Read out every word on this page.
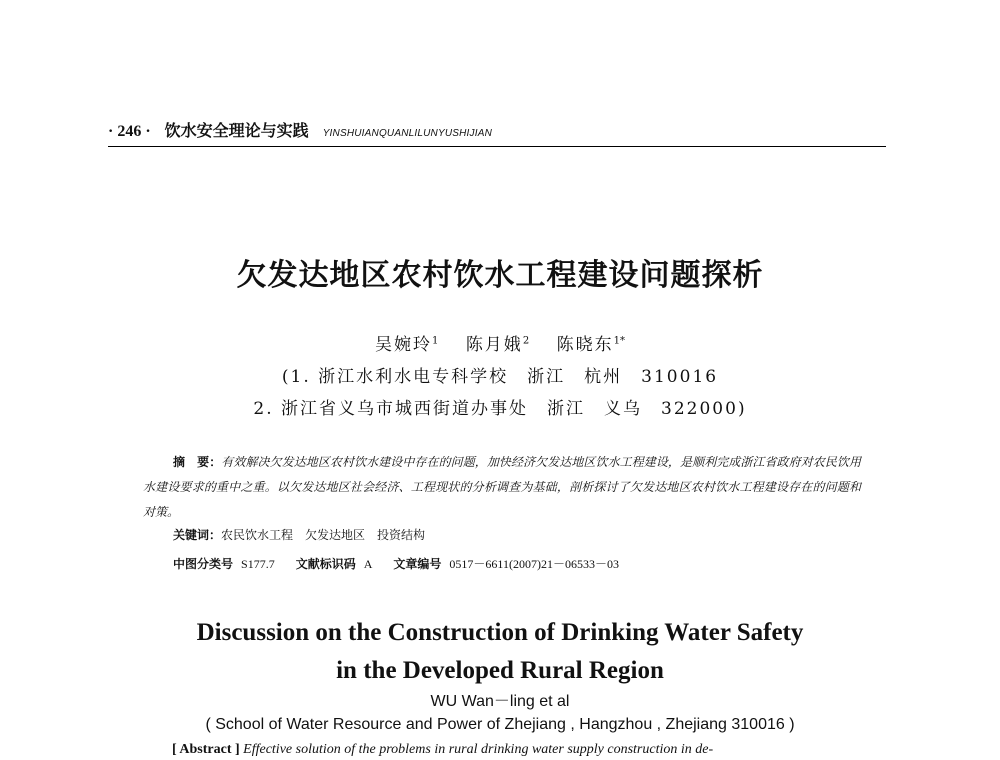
· 246 · 饮水安全理论与实践 YINSHUIANQUANLILUNYUSHIJIAN
欠发达地区农村饮水工程建设问题探析
吴婉玲$^1$ 陈月娥$^2$ 陈晓东$^{1*}$
(1. 浙江水利水电专科学校　浙江　杭州　310016
2. 浙江省义乌市城西街道办事处　浙江　义乌　322000)
摘　要：有效解决欠发达地区农村饮水建设中存在的问题，加快经济欠发达地区饮水工程建设，是顺利完成浙江省政府对农民饮用水建设要求的重中之重。以欠发达地区社会经济、工程现状的分析调查为基础，剖析探讨了欠发达地区农村饮水工程建设存在的问题和对策。
关键词：农民饮水工程　欠发达地区　投资结构
中图分类号 S177.7 文献标识码 A 文章编号 0517－6611(2007)21－06533－03
Discussion on the Construction of Drinking Water Safety
in the Developed Rural Region
WU Wan－ling et al
( School of Water Resource and Power of Zhejiang , Hangzhou , Zhejiang 310016 )
[ Abstract ] Effective solution of the problems in rural drinking water supply construction in de-
